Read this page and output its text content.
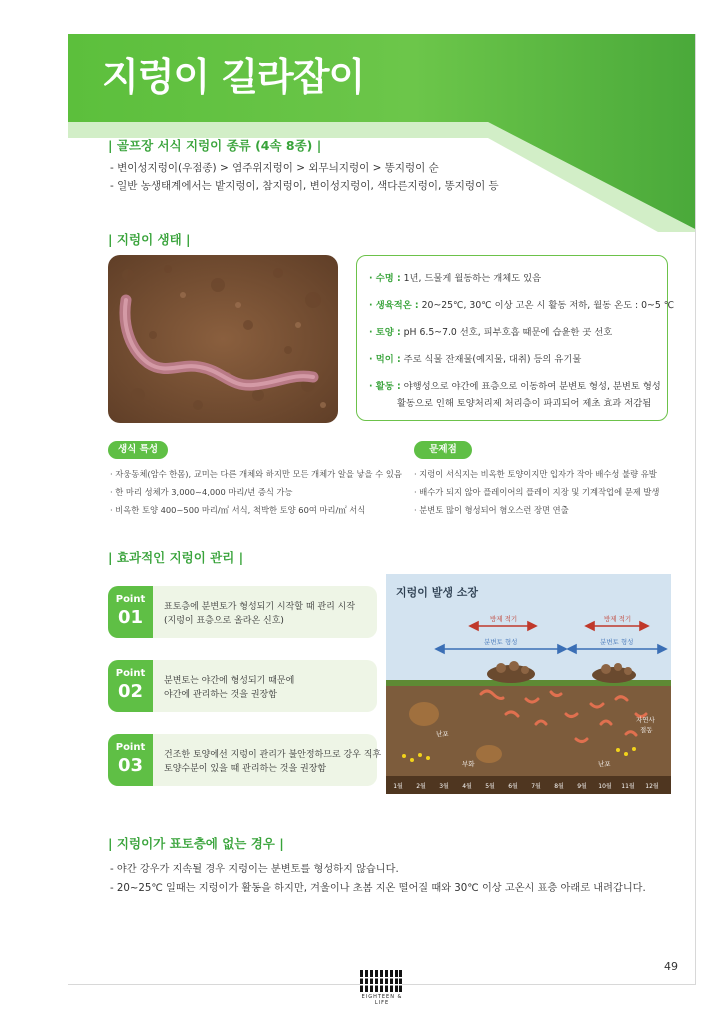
지렁이 길라잡이
| 골프장 서식 지렁이 종류 (4속 8종) |
- 변이성지렁이(우점종) > 염주위지렁이 > 외무늬지렁이 > 똥지렁이 순
- 일반 농생태계에서는 밭지렁이, 참지렁이, 변이성지렁이, 색다른지렁이, 똥지렁이 등
| 지렁이 생태 |
· 수명 : 1년, 드물게 월동하는 개체도 있음
· 생육적온 : 20~25℃, 30℃ 이상 고온 시 활동 저하, 월동 온도 : 0~5 ℃
· 토양 : pH 6.5~7.0 선호, 피부호흡 때문에 습윤한 곳 선호
· 먹이 : 주로 식물 잔재물(예지물, 대취) 등의 유기물
· 활동 : 야행성으로 야간에 표층으로 이동하여 분변토 형성, 분변토 형성
활동으로 인해 토양처리제 처리층이 파괴되어 제초 효과 저감됨
생식 특성	문제점
· 자웅동체(암수 한몸), 교미는 다른 개체와 하지만 모든 개체가 알을 낳을 수 있음
· 한 마리 성체가 3,000~4,000 마리/년 증식 가능
· 비옥한 토양 400~500 마리/㎡ 서식, 척박한 토양 60여 마리/㎡ 서식
· 지렁이 서식지는 비옥한 토양이지만 입자가 작아 배수성 불량 유발
· 배수가 되지 않아 플레이어의 플레이 지장 및 기계작업에 문제 발생
· 분변토 많이 형성되어 혐오스런 장면 연출
| 효과적인 지렁이 관리 |
Point
01	표토층에 분변토가 형성되기 시작할 때 관리 시작
(지렁이 표층으로 올라온 신호)
Point
02	분변토는 야간에 형성되기 때문에
야간에 관리하는 것을 권장함
Point
03	건조한 토양에선 지렁이 관리가 불안정하므로 강우 직후
토양수분이 있을 때 관리하는 것을 권장함
지렁이 발생 소장
방제 적기	방제 적기
분변토 형성	분변토 형성
난포
부화	난포
자연사
절동
1월 2월 3월 4월 5월 6월 7월 8월 9월 10월 11월 12월
| 지렁이가 표토층에 없는 경우 |
- 야간 강우가 지속될 경우 지렁이는 분변토를 형성하지 않습니다.
- 20~25℃ 일때는 지렁이가 활동을 하지만, 겨울이나 초봄 지온 떨어질 때와 30℃ 이상 고온시 표층 아래로 내려갑니다.
49
EIGHTEEN & LIFE
